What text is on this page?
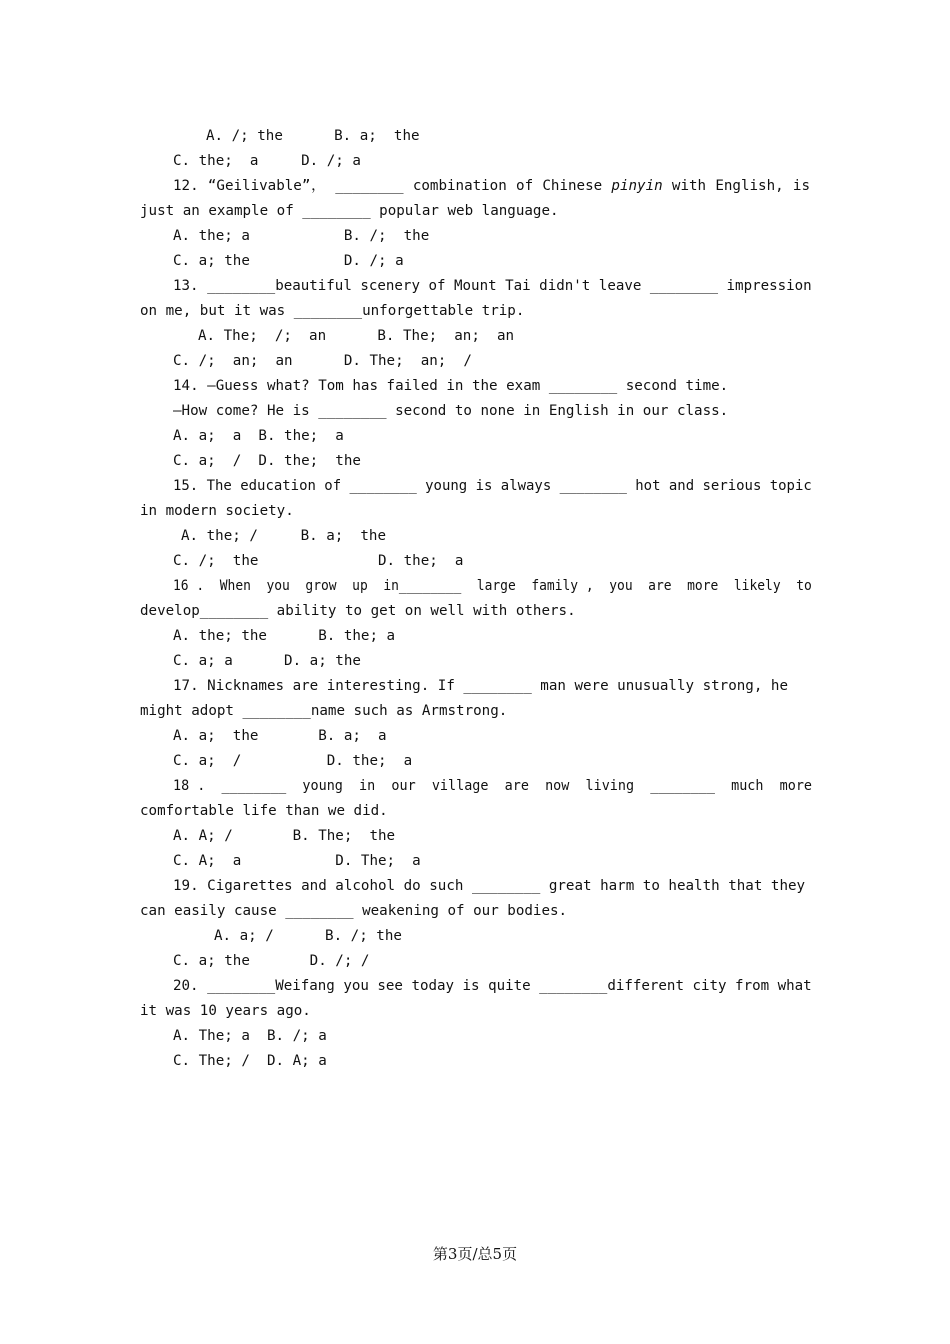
A. /; the      B. a;  the
C. the;  a     D. /; a
12. “Geilivable”， ________ combination of Chinese pinyin with English, is
just an example of ________ popular web language.
A. the; a           B. /;  the
C. a; the           D. /; a
13. ________beautiful scenery of Mount Tai didn't leave ________ impression
on me, but it was ________unforgettable trip.
A. The;  /;  an      B. The;  an;  an
C. /;  an;  an      D. The;  an;  /
14. —Guess what? Tom has failed in the exam ________ second time.
—How come? He is ________ second to none in English in our class.
A. a;  a  B. the;  a
C. a;  /  D. the;  the
15. The education of ________ young is always ________ hot and serious topic
in modern society.
A. the; /     B. a;  the
C. /;  the              D. the;  a
16 .  When  you  grow  up  in________  large  family ,  you  are  more  likely  to
develop________ ability to get on well with others.
A. the; the      B. the; a
C. a; a      D. a; the
17. Nicknames are interesting. If ________ man were unusually strong, he
might adopt ________name such as Armstrong.
A. a;  the       B. a;  a
C. a;  /          D. the;  a
18 .  ________  young  in  our  village  are  now  living  ________  much  more
comfortable life than we did.
A. A; /       B. The;  the
C. A;  a           D. The;  a
19. Cigarettes and alcohol do such ________ great harm to health that they
can easily cause ________ weakening of our bodies.
A. a; /      B. /; the
C. a; the       D. /; /
20. ________Weifang you see today is quite ________different city from what
it was 10 years ago.
A. The; a  B. /; a
C. The; /  D. A; a
第3页/总5页
